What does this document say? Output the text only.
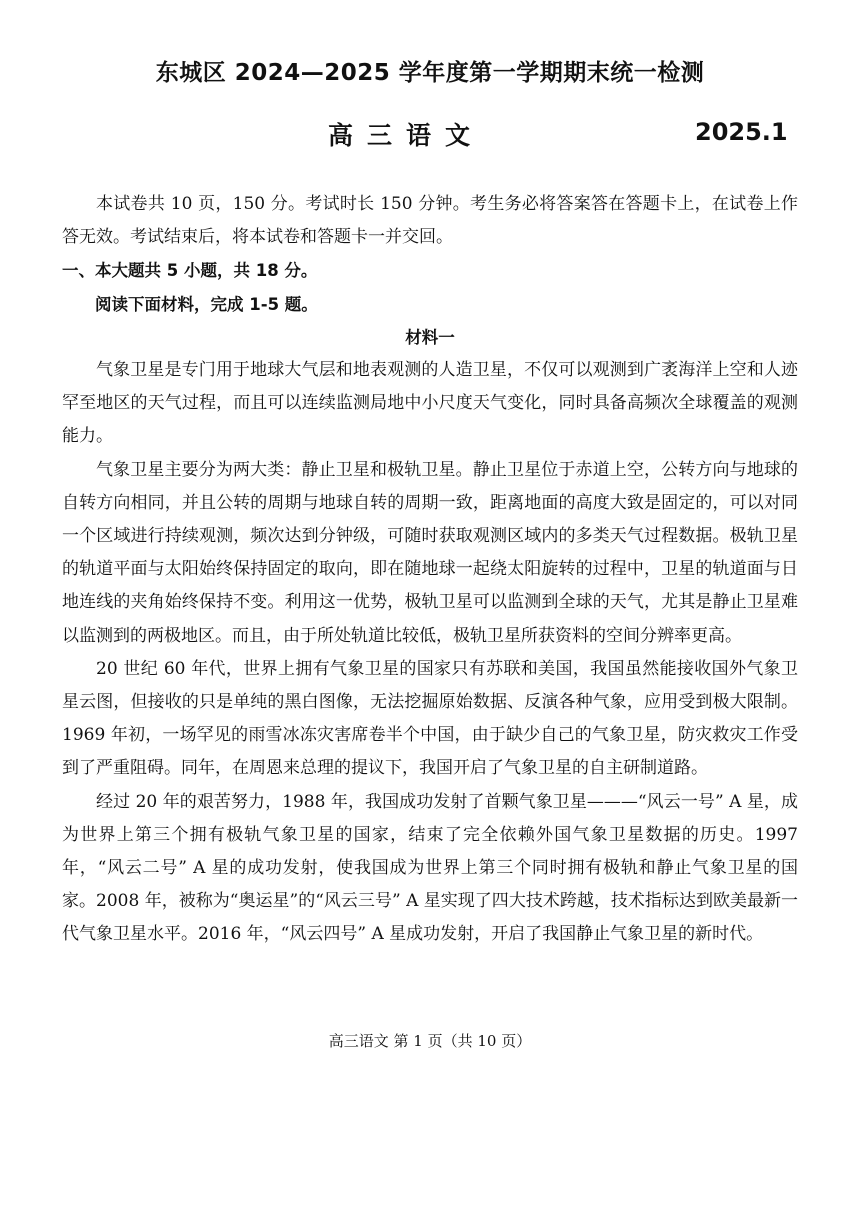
东城区 2024—2025 学年度第一学期期末统一检测
高三语文	2025.1

本试卷共 10 页，150 分。考试时长 150 分钟。考生务必将答案答在答题卡上，在试卷上作答无效。考试结束后，将本试卷和答题卡一并交回。

一、本大题共 5 小题，共 18 分。
阅读下面材料，完成 1-5 题。
材料一

气象卫星是专门用于地球大气层和地表观测的人造卫星，不仅可以观测到广袤海洋上空和人迹罕至地区的天气过程，而且可以连续监测局地中小尺度天气变化，同时具备高频次全球覆盖的观测能力。

气象卫星主要分为两大类：静止卫星和极轨卫星。静止卫星位于赤道上空，公转方向与地球的自转方向相同，并且公转的周期与地球自转的周期一致，距离地面的高度大致是固定的，可以对同一个区域进行持续观测，频次达到分钟级，可随时获取观测区域内的多类天气过程数据。极轨卫星的轨道平面与太阳始终保持固定的取向，即在随地球一起绕太阳旋转的过程中，卫星的轨道面与日地连线的夹角始终保持不变。利用这一优势，极轨卫星可以监测到全球的天气，尤其是静止卫星难以监测到的两极地区。而且，由于所处轨道比较低，极轨卫星所获资料的空间分辨率更高。

20 世纪 60 年代，世界上拥有气象卫星的国家只有苏联和美国，我国虽然能接收国外气象卫星云图，但接收的只是单纯的黑白图像，无法挖掘原始数据、反演各种气象，应用受到极大限制。1969 年初，一场罕见的雨雪冰冻灾害席卷半个中国，由于缺少自己的气象卫星，防灾救灾工作受到了严重阻碍。同年，在周恩来总理的提议下，我国开启了气象卫星的自主研制道路。

经过 20 年的艰苦努力，1988 年，我国成功发射了首颗气象卫星———“风云一号” A 星，成为世界上第三个拥有极轨气象卫星的国家，结束了完全依赖外国气象卫星数据的历史。1997 年，“风云二号” A 星的成功发射，使我国成为世界上第三个同时拥有极轨和静止气象卫星的国家。2008 年，被称为“奥运星”的“风云三号” A 星实现了四大技术跨越，技术指标达到欧美最新一代气象卫星水平。2016 年，“风云四号” A 星成功发射，开启了我国静止气象卫星的新时代。

高三语文 第 1 页（共 10 页）
